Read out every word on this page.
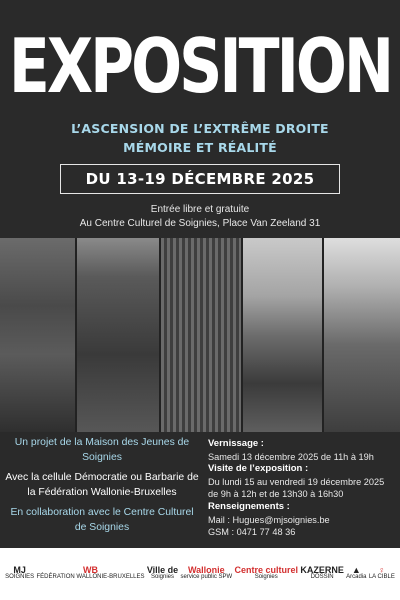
EXPOSITION
L’ASCENSION DE L’EXTRÊME DROITE
MÉMOIRE ET RÉALITÉ
DU 13-19 DÉCEMBRE 2025
Entrée libre et gratuite
Au Centre Culturel de Soignies, Place Van Zeeland 31

Un projet de la Maison des Jeunes de Soignies

Avec la cellule Démocratie ou Barbarie de la Fédération Wallonie-Bruxelles

En collaboration avec le Centre Culturel de Soignies

Vernissage :
Samedi 13 décembre 2025 de 11h à 19h
Visite de l’exposition :
Du lundi 15 au vendredi 19 décembre 2025
de 9h à 12h et de 13h30 à 16h30
Renseignements :
Mail : Hugues@mjsoignies.be
GSM : 0471 77 48 36
MJ
SOIGNIES
WB
FÉDÉRATION WALLONIE-BRUXELLES
Ville de
Soignies
Wallonie
service public SPW
Centre culturel
Soignies
KAZERNE
DOSSIN
▲
Arcadia
♀
LA CIBLE
